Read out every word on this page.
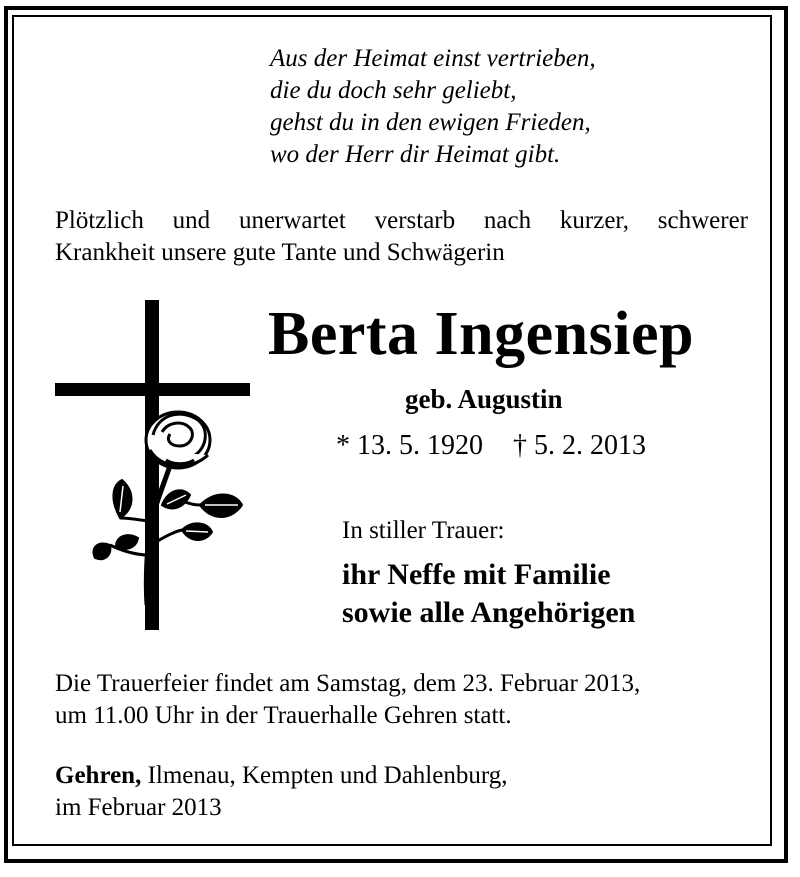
Aus der Heimat einst vertrieben,
die du doch sehr geliebt,
gehst du in den ewigen Frieden,
wo der Herr dir Heimat gibt.
Plötzlich und unerwartet verstarb nach kurzer, schwerer
Krankheit unsere gute Tante und Schwägerin
Berta Ingensiep
geb. Augustin
* 13. 5. 1920 † 5. 2. 2013
In stiller Trauer:
ihr Neffe mit Familie
sowie alle Angehörigen
Die Trauerfeier findet am Samstag, dem 23. Februar 2013,
um 11.00 Uhr in der Trauerhalle Gehren statt.
Gehren, Ilmenau, Kempten und Dahlenburg,
im Februar 2013
